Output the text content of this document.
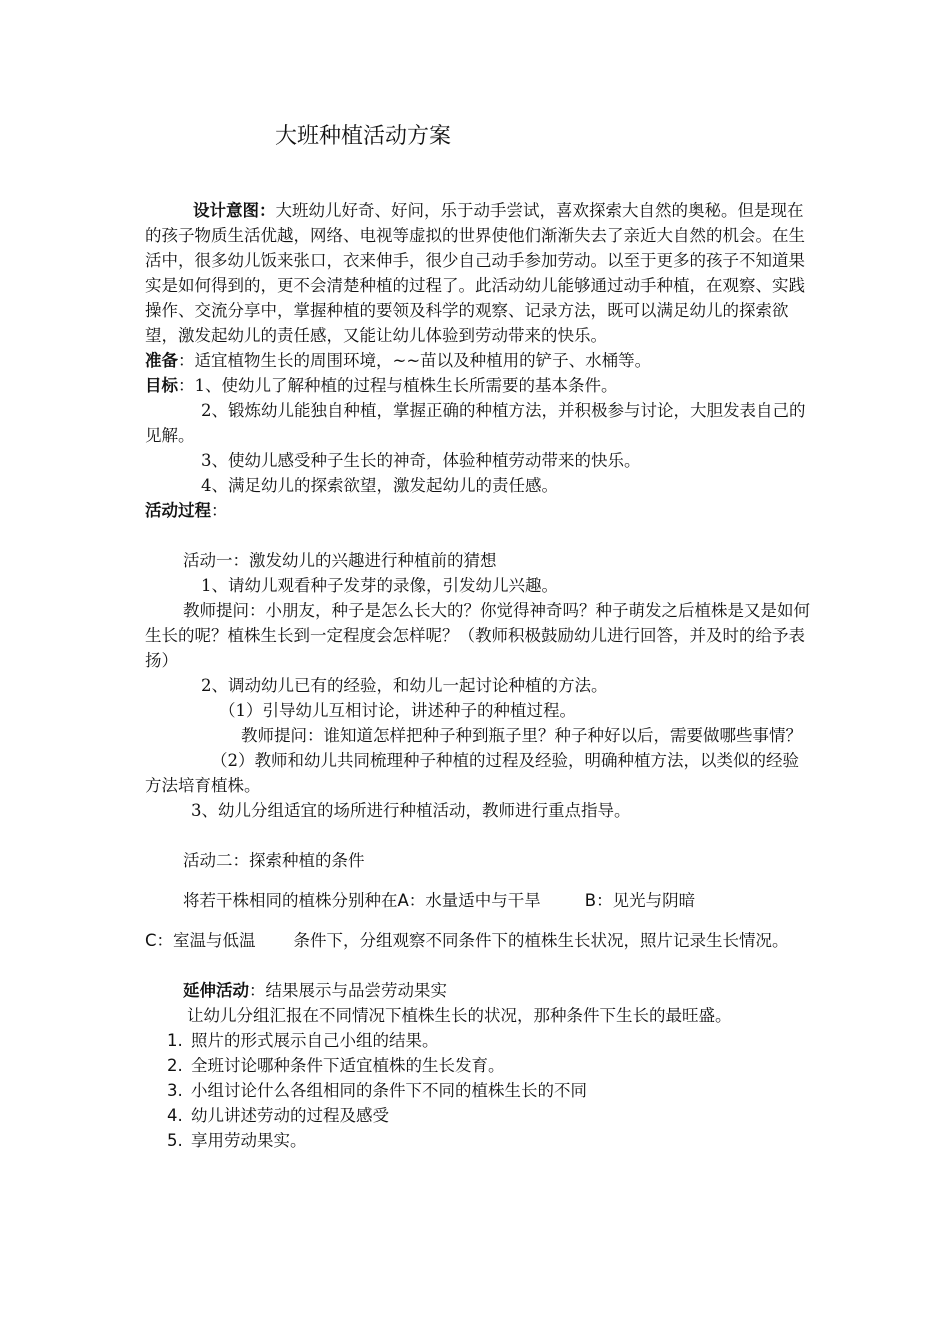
大班种植活动方案

设计意图：大班幼儿好奇、好问，乐于动手尝试，喜欢探索大自然的奥秘。但是现在的孩子物质生活优越，网络、电视等虚拟的世界使他们渐渐失去了亲近大自然的机会。在生活中，很多幼儿饭来张口，衣来伸手，很少自己动手参加劳动。以至于更多的孩子不知道果实是如何得到的，更不会清楚种植的过程了。此活动幼儿能够通过动手种植，在观察、实践操作、交流分享中，掌握种植的要领及科学的观察、记录方法，既可以满足幼儿的探索欲望，激发起幼儿的责任感，又能让幼儿体验到劳动带来的快乐。

准备：适宜植物生长的周围环境，~~苗以及种植用的铲子、水桶等。

目标：1、使幼儿了解种植的过程与植株生长所需要的基本条件。

2、锻炼幼儿能独自种植，掌握正确的种植方法，并积极参与讨论，大胆发表自己的见解。

3、使幼儿感受种子生长的神奇，体验种植劳动带来的快乐。

4、满足幼儿的探索欲望，激发起幼儿的责任感。

活动过程：

活动一：激发幼儿的兴趣进行种植前的猜想

1、请幼儿观看种子发芽的录像，引发幼儿兴趣。

教师提问：小朋友，种子是怎么长大的？你觉得神奇吗？种子萌发之后植株是又是如何生长的呢？植株生长到一定程度会怎样呢？（教师积极鼓励幼儿进行回答，并及时的给予表扬）

2、调动幼儿已有的经验，和幼儿一起讨论种植的方法。

（1）引导幼儿互相讨论，讲述种子的种植过程。

教师提问：谁知道怎样把种子种到瓶子里？种子种好以后，需要做哪些事情？

（2）教师和幼儿共同梳理种子种植的过程及经验，明确种植方法，以类似的经验方法培育植株。

3、幼儿分组适宜的场所进行种植活动，教师进行重点指导。

活动二：探索种植的条件

将若干株相同的植株分别种在A：水量适中与干旱	B：见光与阴暗

C：室温与低温 条件下，分组观察不同条件下的植株生长状况，照片记录生长情况。

延伸活动：结果展示与品尝劳动果实

让幼儿分组汇报在不同情况下植株生长的状况，那种条件下生长的最旺盛。

1. 照片的形式展示自己小组的结果。
2. 全班讨论哪种条件下适宜植株的生长发育。
3. 小组讨论什么各组相同的条件下不同的植株生长的不同
4. 幼儿讲述劳动的过程及感受
5. 享用劳动果实。
